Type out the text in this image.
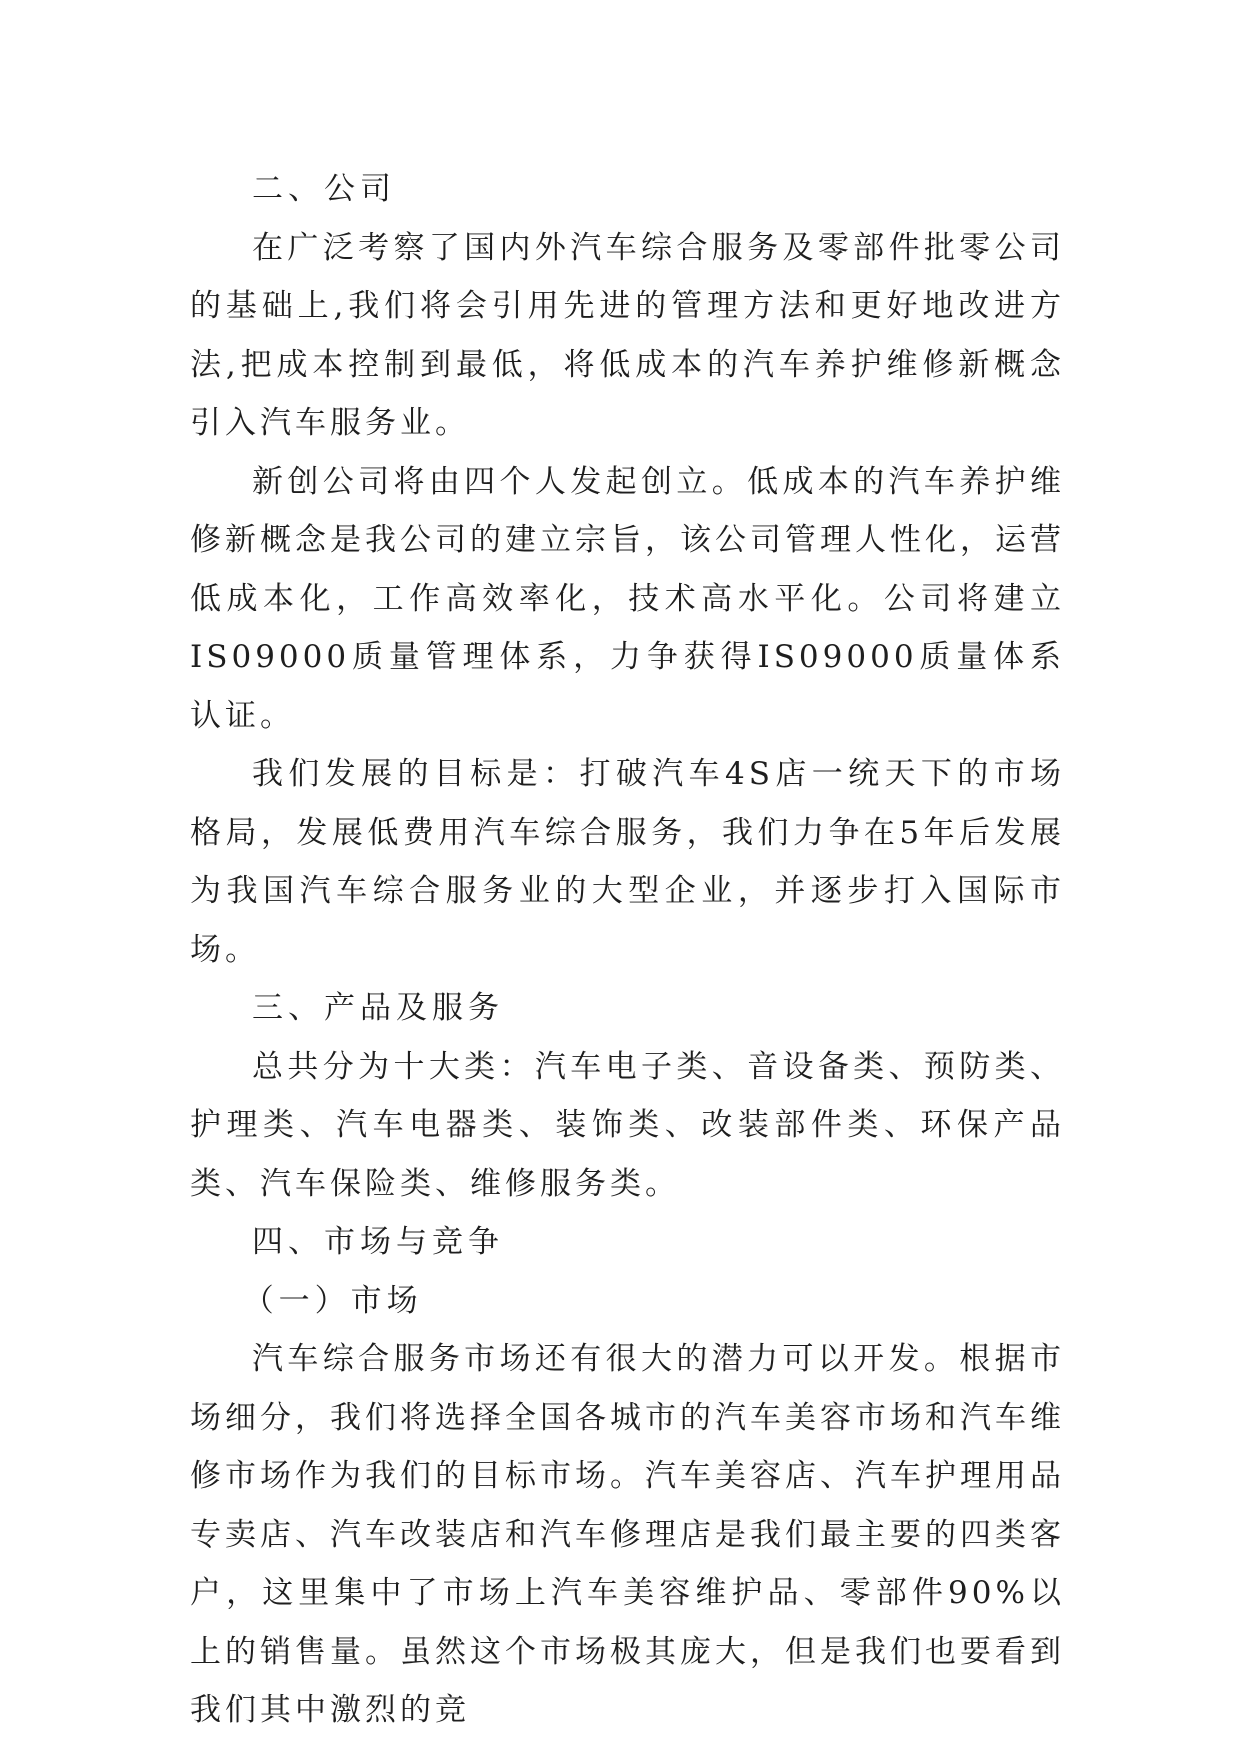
二、公司

在广泛考察了国内外汽车综合服务及零部件批零公司的基础上,我们将会引用先进的管理方法和更好地改进方法,把成本控制到最低，将低成本的汽车养护维修新概念引入汽车服务业。

新创公司将由四个人发起创立。低成本的汽车养护维修新概念是我公司的建立宗旨，该公司管理人性化，运营低成本化，工作高效率化，技术高水平化。公司将建立IS09000质量管理体系，力争获得IS09000质量体系认证。

我们发展的目标是：打破汽车4S店一统天下的市场格局，发展低费用汽车综合服务，我们力争在5年后发展为我国汽车综合服务业的大型企业，并逐步打入国际市场。

三、产品及服务

总共分为十大类：汽车电子类、音设备类、预防类、护理类、汽车电器类、装饰类、改装部件类、环保产品类、汽车保险类、维修服务类。

四、市场与竞争

（一）市场

汽车综合服务市场还有很大的潜力可以开发。根据市场细分，我们将选择全国各城市的汽车美容市场和汽车维修市场作为我们的目标市场。汽车美容店、汽车护理用品专卖店、汽车改装店和汽车修理店是我们最主要的四类客户，这里集中了市场上汽车美容维护品、零部件90%以上的销售量。虽然这个市场极其庞大，但是我们也要看到我们其中激烈的竞
